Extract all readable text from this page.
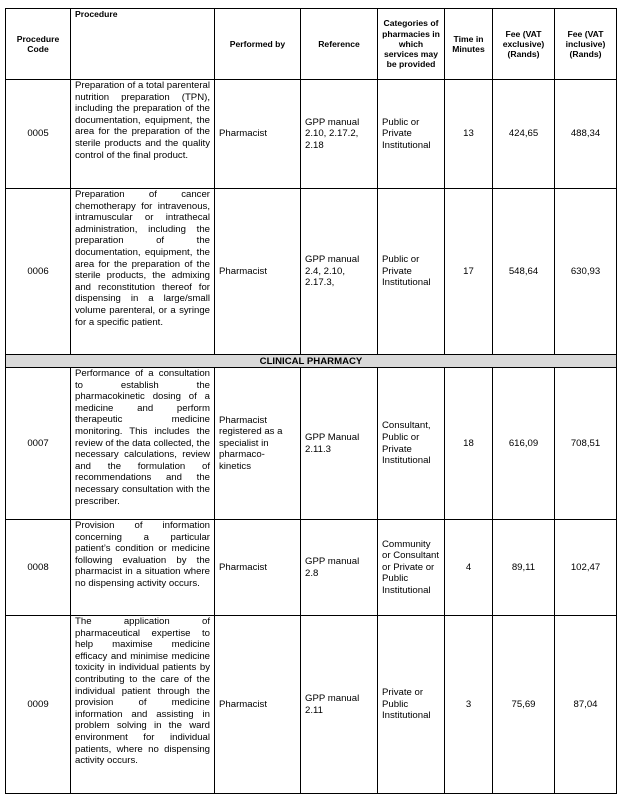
Procedure Code	Procedure	Performed by	Reference	Categories of pharmacies in which services may be provided	Time in Minutes	Fee (VAT exclusive) (Rands)	Fee (VAT inclusive) (Rands)
0005	Preparation of a total parenteral nutrition preparation (TPN), including the preparation of the documentation, equipment, the area for the preparation of the sterile products and the quality control of the final product.	Pharmacist	GPP manual 2.10, 2.17.2, 2.18	Public or Private Institutional	13	424,65	488,34
0006	Preparation of cancer chemotherapy for intravenous, intramuscular or intrathecal administration, including the preparation of the documentation, equipment, the area for the preparation of the sterile products, the admixing and reconstitution thereof for dispensing in a large/small volume parenteral, or a syringe for a specific patient.	Pharmacist	GPP manual 2.4, 2.10, 2.17.3,	Public or Private Institutional	17	548,64	630,93
CLINICAL PHARMACY							
0007	Performance of a consultation to establish the pharmacokinetic dosing of a medicine and perform therapeutic medicine monitoring. This includes the review of the data collected, the necessary calculations, review and the formulation of recommendations and the necessary consultation with the prescriber.	Pharmacist registered as a specialist in pharmaco-kinetics	GPP Manual 2.11.3	Consultant, Public or Private Institutional	18	616,09	708,51
0008	Provision of information concerning a particular patient’s condition or medicine following evaluation by the pharmacist in a situation where no dispensing activity occurs.	Pharmacist	GPP manual 2.8	Community or Consultant or Private or Public Institutional	4	89,11	102,47
0009	The application of pharmaceutical expertise to help maximise medicine efficacy and minimise medicine toxicity in individual patients by contributing to the care of the individual patient through the provision of medicine information and assisting in problem solving in the ward environment for individual patients, where no dispensing activity occurs.	Pharmacist	GPP manual 2.11	Private or Public Institutional	3	75,69	87,04
